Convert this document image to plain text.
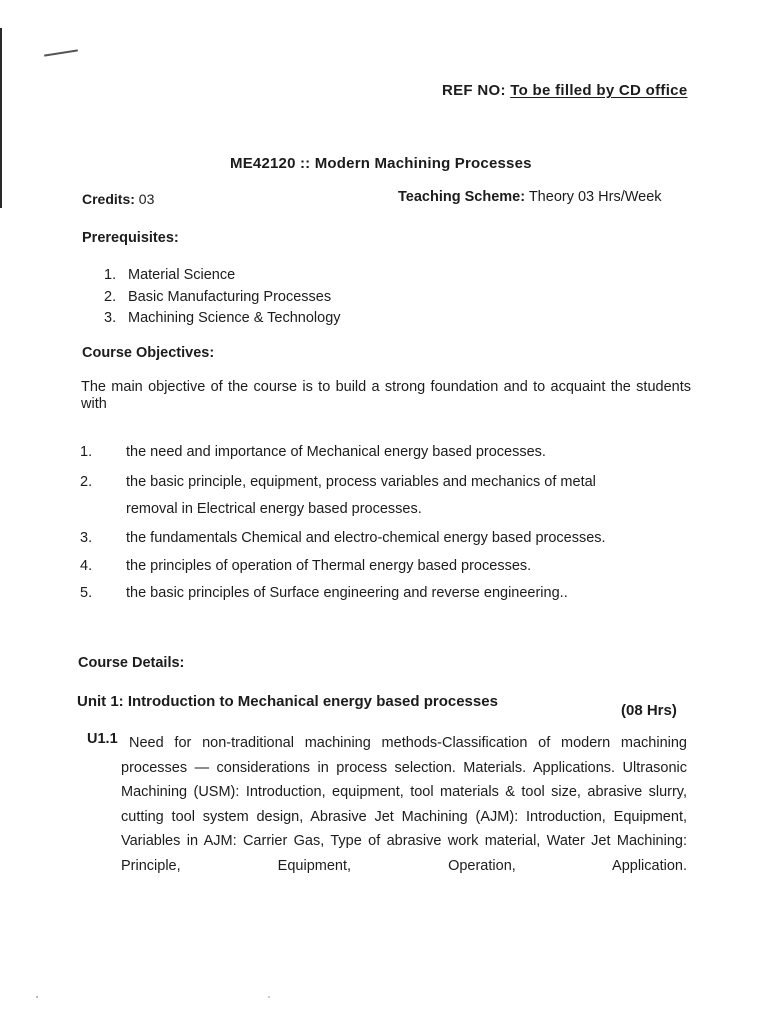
REF NO: To be filled by CD office
ME42120 :: Modern Machining Processes
Credits: 03	Teaching Scheme: Theory 03 Hrs/Week
Prerequisites:
1. Material Science
2. Basic Manufacturing Processes
3. Machining Science & Technology
Course Objectives:
The main objective of the course is to build a strong foundation and to acquaint the students with
1. the need and importance of Mechanical energy based processes.
2. the basic principle, equipment, process variables and mechanics of metal
removal in Electrical energy based processes.
3. the fundamentals Chemical and electro-chemical energy based processes.
4. the principles of operation of Thermal energy based processes.
5. the basic principles of Surface engineering and reverse engineering..
Course Details:
Unit 1: Introduction to Mechanical energy based processes
(08 Hrs)
U1.1 Need for non-traditional machining methods-Classification of modern machining processes — considerations in process selection. Materials. Applications. Ultrasonic Machining (USM): Introduction, equipment, tool materials & tool size, abrasive slurry, cutting tool system design, Abrasive Jet Machining (AJM): Introduction, Equipment, Variables in AJM: Carrier Gas, Type of abrasive work material, Water Jet Machining: Principle, Equipment, Operation, Application.
